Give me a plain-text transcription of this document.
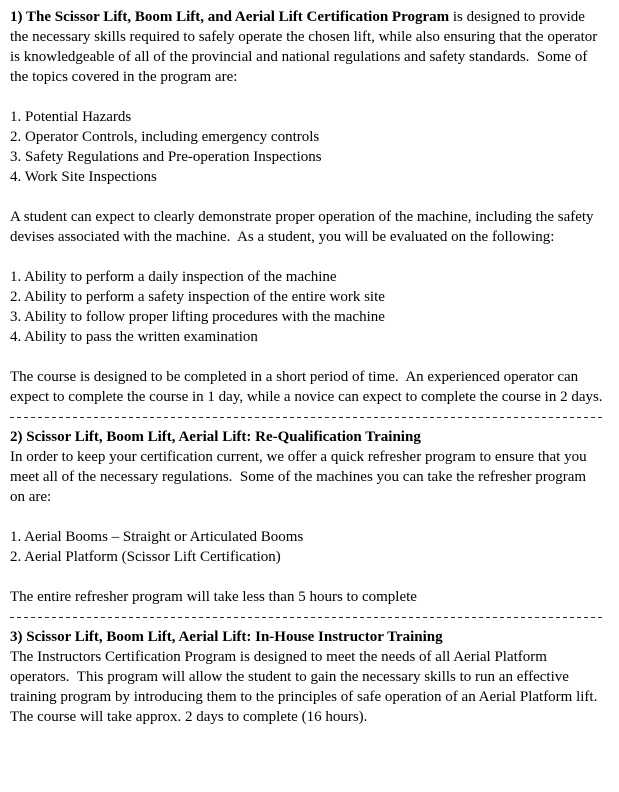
1) The Scissor Lift, Boom Lift, and Aerial Lift Certification Program is designed to provide the necessary skills required to safely operate the chosen lift, while also ensuring that the operator is knowledgeable of all of the provincial and national regulations and safety standards.  Some of the topics covered in the program are:

1. Potential Hazards
2. Operator Controls, including emergency controls
3. Safety Regulations and Pre-operation Inspections
4. Work Site Inspections

A student can expect to clearly demonstrate proper operation of the machine, including the safety devises associated with the machine.  As a student, you will be evaluated on the following:

1. Ability to perform a daily inspection of the machine
2. Ability to perform a safety inspection of the entire work site
3. Ability to follow proper lifting procedures with the machine
4. Ability to pass the written examination

The course is designed to be completed in a short period of time.  An experienced operator can expect to complete the course in 1 day, while a novice can expect to complete the course in 2 days.

2) Scissor Lift, Boom Lift, Aerial Lift: Re-Qualification Training

In order to keep your certification current, we offer a quick refresher program to ensure that you meet all of the necessary regulations.  Some of the machines you can take the refresher program on are:

1. Aerial Booms – Straight or Articulated Booms
2. Aerial Platform (Scissor Lift Certification)

The entire refresher program will take less than 5 hours to complete

3) Scissor Lift, Boom Lift, Aerial Lift: In-House Instructor Training

The Instructors Certification Program is designed to meet the needs of all Aerial Platform operators.  This program will allow the student to gain the necessary skills to run an effective training program by introducing them to the principles of safe operation of an Aerial Platform lift.  The course will take approx. 2 days to complete (16 hours).
